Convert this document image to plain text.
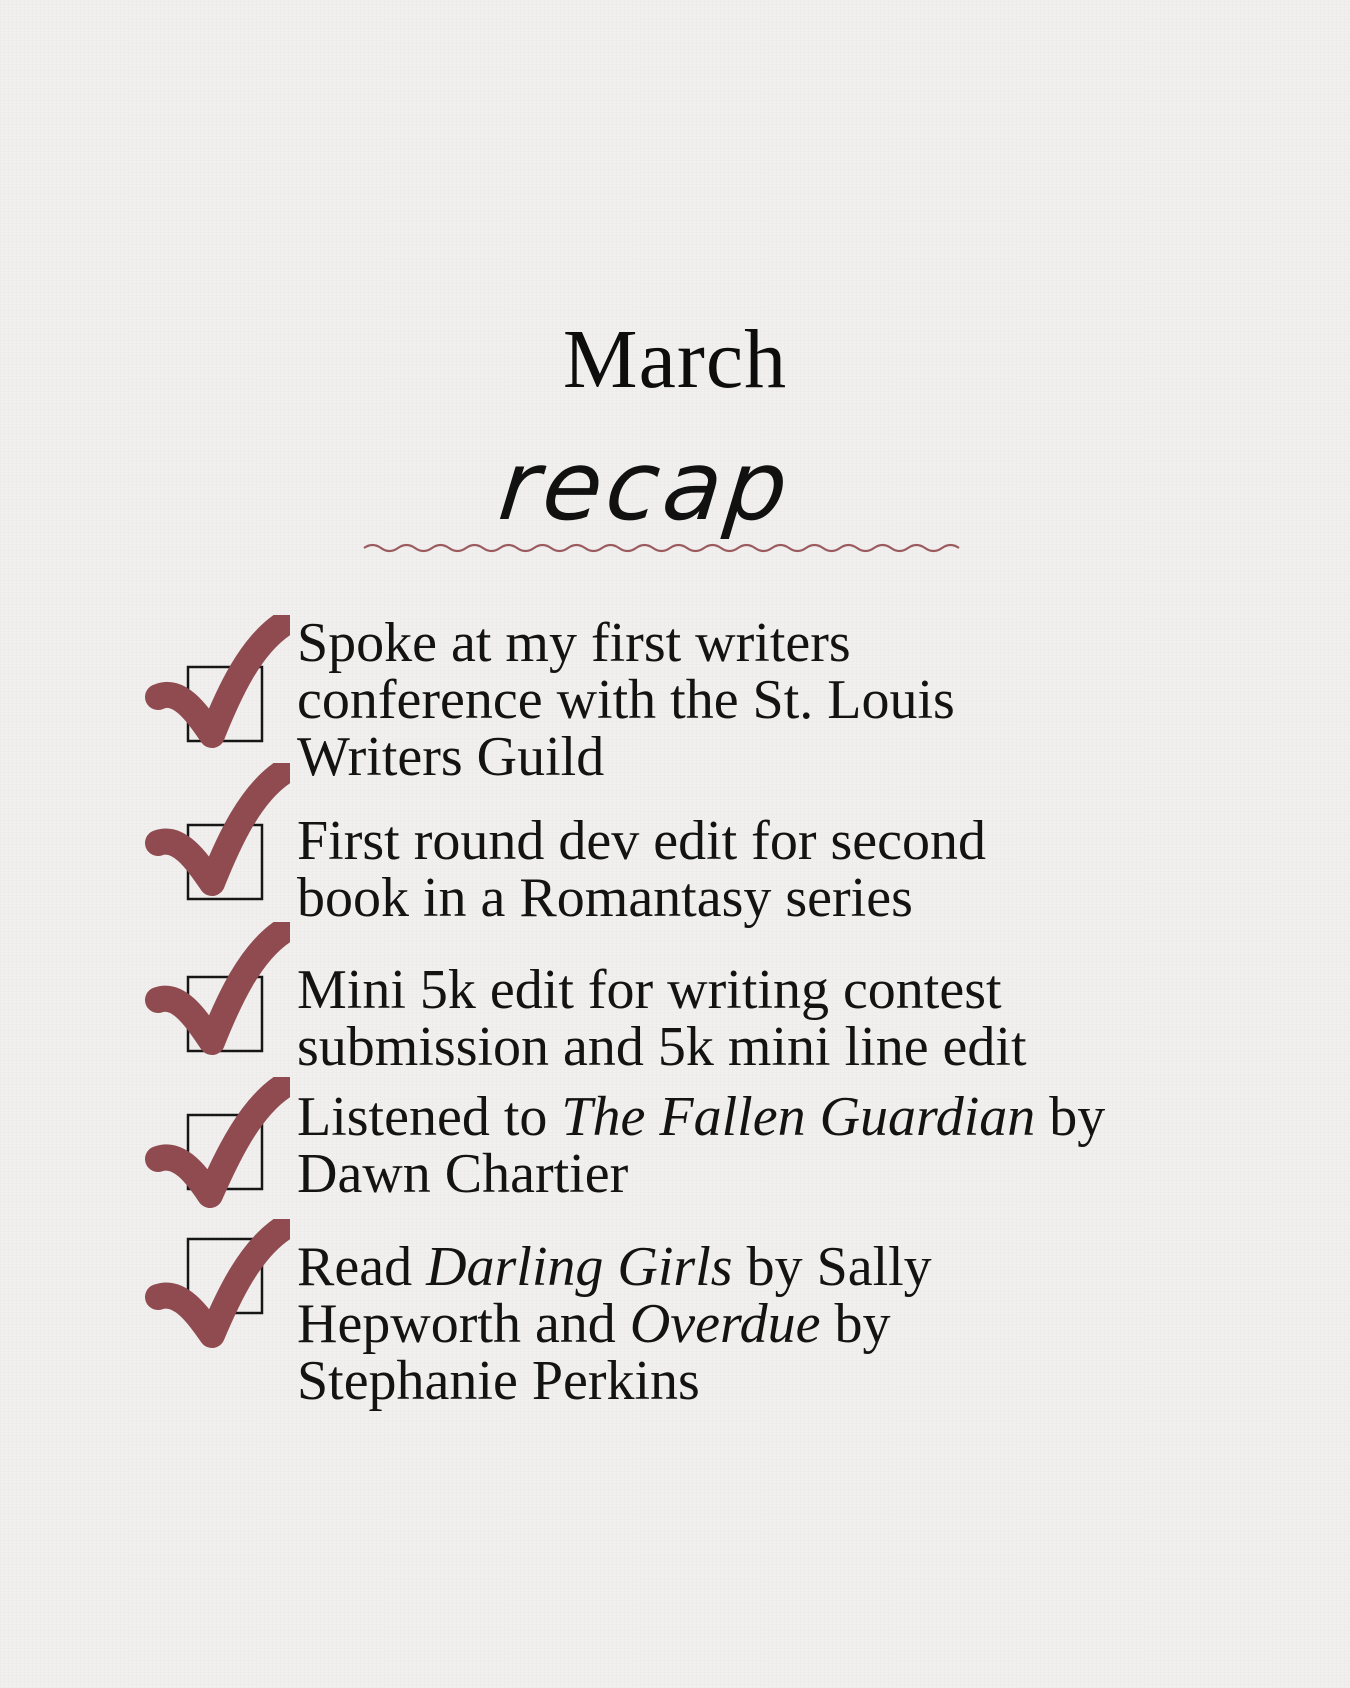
March
recap
Spoke at my first writers
conference with the St. Louis
Writers Guild
First round dev edit for second
book in a Romantasy series
Mini 5k edit for writing contest
submission and 5k mini line edit
Listened to The Fallen Guardian by
Dawn Chartier
Read Darling Girls by Sally
Hepworth and Overdue by
Stephanie Perkins
